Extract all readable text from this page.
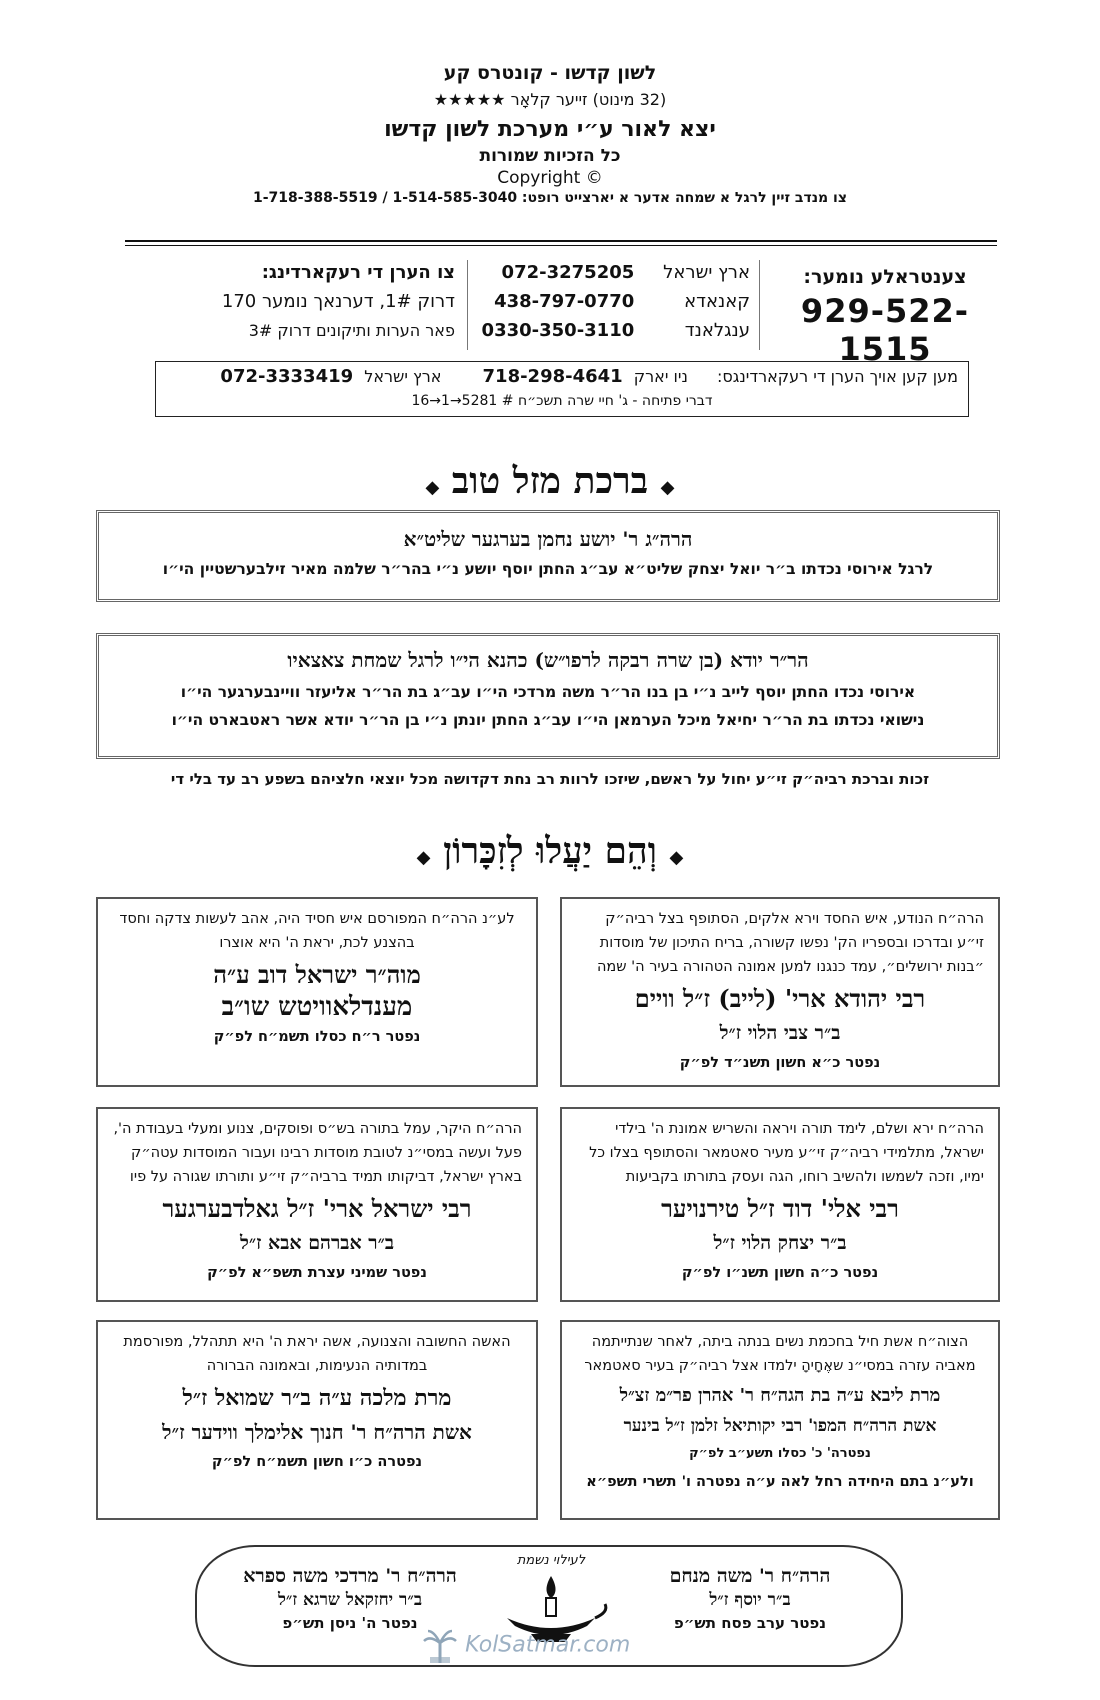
לשון קדשו - קונטרס קע
(32 מינוט) זייער קלאָר ★★★★★
יצא לאור ע״י מערכת לשון קדשו
כל הזכיות שמורות
Copyright ©
צו מנדב זיין לרגל א שמחה אדער א יארצייט רופט: 1-514-585-3040 / 1-718-388-5519
צענטראלע נומער:
929-522-1515
ארץ ישראל 072-3275205
קאנאדא 438-797-0770
ענגלאנד 0330-350-3110
צו הערן די רעקארדינג:
דרוק 1#, דערנאך נומער 170
פאר הערות ותיקונים דרוק 3#
מען קען אויך הערן די רעקארדינגס: ניו יארק 718-298-4641 ארץ ישראל 072-3333419
דברי פתיחה - ג' חיי שרה תשכ״ח # 5281→1→16
◆ ברכת מזל טוב ◆
הרה״ג ר' יושע נחמן בערגער שליט״א
לרגל אירוסי נכדתו ב״ר יואל יצחק שליט״א עב״ג החתן יוסף יושע נ״י בהר״ר שלמה מאיר זילבערשטיין הי״ו
הר״ר יודא (בן שרה רבקה לרפו״ש) כהנא הי״ו לרגל שמחת צאצאיו
אירוסי נכדו החתן יוסף לייב נ״י בן בנו הר״ר משה מרדכי הי״ו עב״ג בת הר״ר אליעזר וויינבערגער הי״ו
נישואי נכדתו בת הר״ר יחיאל מיכל הערמאן הי״ו עב״ג החתן יונתן נ״י בן הר״ר יודא אשר ראטבארט הי״ו
זכות וברכת רביה״ק זי״ע יחול על ראשם, שיזכו לרוות רב נחת דקדושה מכל יוצאי חלציהם בשפע רב עד בלי די
◆ וְהֵם יַעֲלוּ לְזִכָּרוֹן ◆
הרה״ח הנודע, איש החסד וירא אלקים, הסתופף בצל רביה״ק זי״ע ובדרכו ובספריו הק' נפשו קשורה, בריח התיכון של מוסדות ״בנות ירושלים״, עמד כנגנו למען אמונה הטהורה בעיר ה' שמה
רבי יהודא ארי' (לייב) ז״ל וויים
ב״ר צבי הלוי ז״ל
נפטר כ״א חשון תשנ״ד לפ״ק
לע״נ הרה״ח המפורסם איש חסיד היה, אהב לעשות צדקה וחסד בהצנע לכת, יראת ה' היא אוצרו
מוה״ר ישראל דוב ע״ה
מענדלאוויטש שו״ב
נפטר ר״ח כסלו תשמ״ח לפ״ק
הרה״ח ירא ושלם, לימד תורה ויראה והשריש אמונת ה' בילדי ישראל, מתלמידי רביה״ק זי״ע מעיר סאטמאר והסתופף בצלו כל ימיו, וזכה לשמשו ולהשיב רוחו, הגה ועסק בתורתו בקביעות
רבי אלי' דוד ז״ל טירנויער
ב״ר יצחק הלוי ז״ל
נפטר כ״ה חשון תשנ״ו לפ״ק
הרה״ח היקר, עמל בתורה בש״ס ופוסקים, צנוע ומעלי בעבודת ה', פעל ועשה במסי״נ לטובת מוסדות רבינו ועבור המוסדות עטה״ק בארץ ישראל, דביקותו תמיד ברביה״ק זי״ע ותורתו שגורה על פיו
רבי ישראל ארי' ז״ל גאלדבערגער
ב״ר אברהם אבא ז״ל
נפטר שמיני עצרת תשפ״א לפ״ק
הצוה״ח אשת חיל בחכמת נשים בנתה ביתה, לאחר שנתייתמה מאביה עזרה במסי״נ שאֶחָיהָ ילמדו אצל רביה״ק בעיר סאטמאר
מרת ליבא ע״ה בת הגה״ח ר' אהרן פר״מ זצ״ל
אשת הרה״ח המפו' רבי יקותיאל זלמן ז״ל בינער
נפטרה' כ' כסלו תשע״ב לפ״ק
ולע״נ בתם היחידה רחל לאה ע״ה נפטרה ו' תשרי תשפ״א
האשה החשובה והצנועה, אשה יראת ה' היא תתהלל, מפורסמת במדותיה הנעימות, ובאמונה הברורה
מרת מלכה ע״ה ב״ר שמואל ז״ל
אשת הרה״ח ר' חנוך אלימלך ווידער ז״ל
נפטרה כ״ו חשון תשמ״ח לפ״ק
הרה״ח ר' משה מנחם
ב״ר יוסף ז״ל
נפטר ערב פסח תש״פ
הרה״ח ר' מרדכי משה ספרא
ב״ר יחזקאל שרגא ז״ל
נפטר ה' ניסן תש״פ
לעילוי נשמת
KolSatmar.com
